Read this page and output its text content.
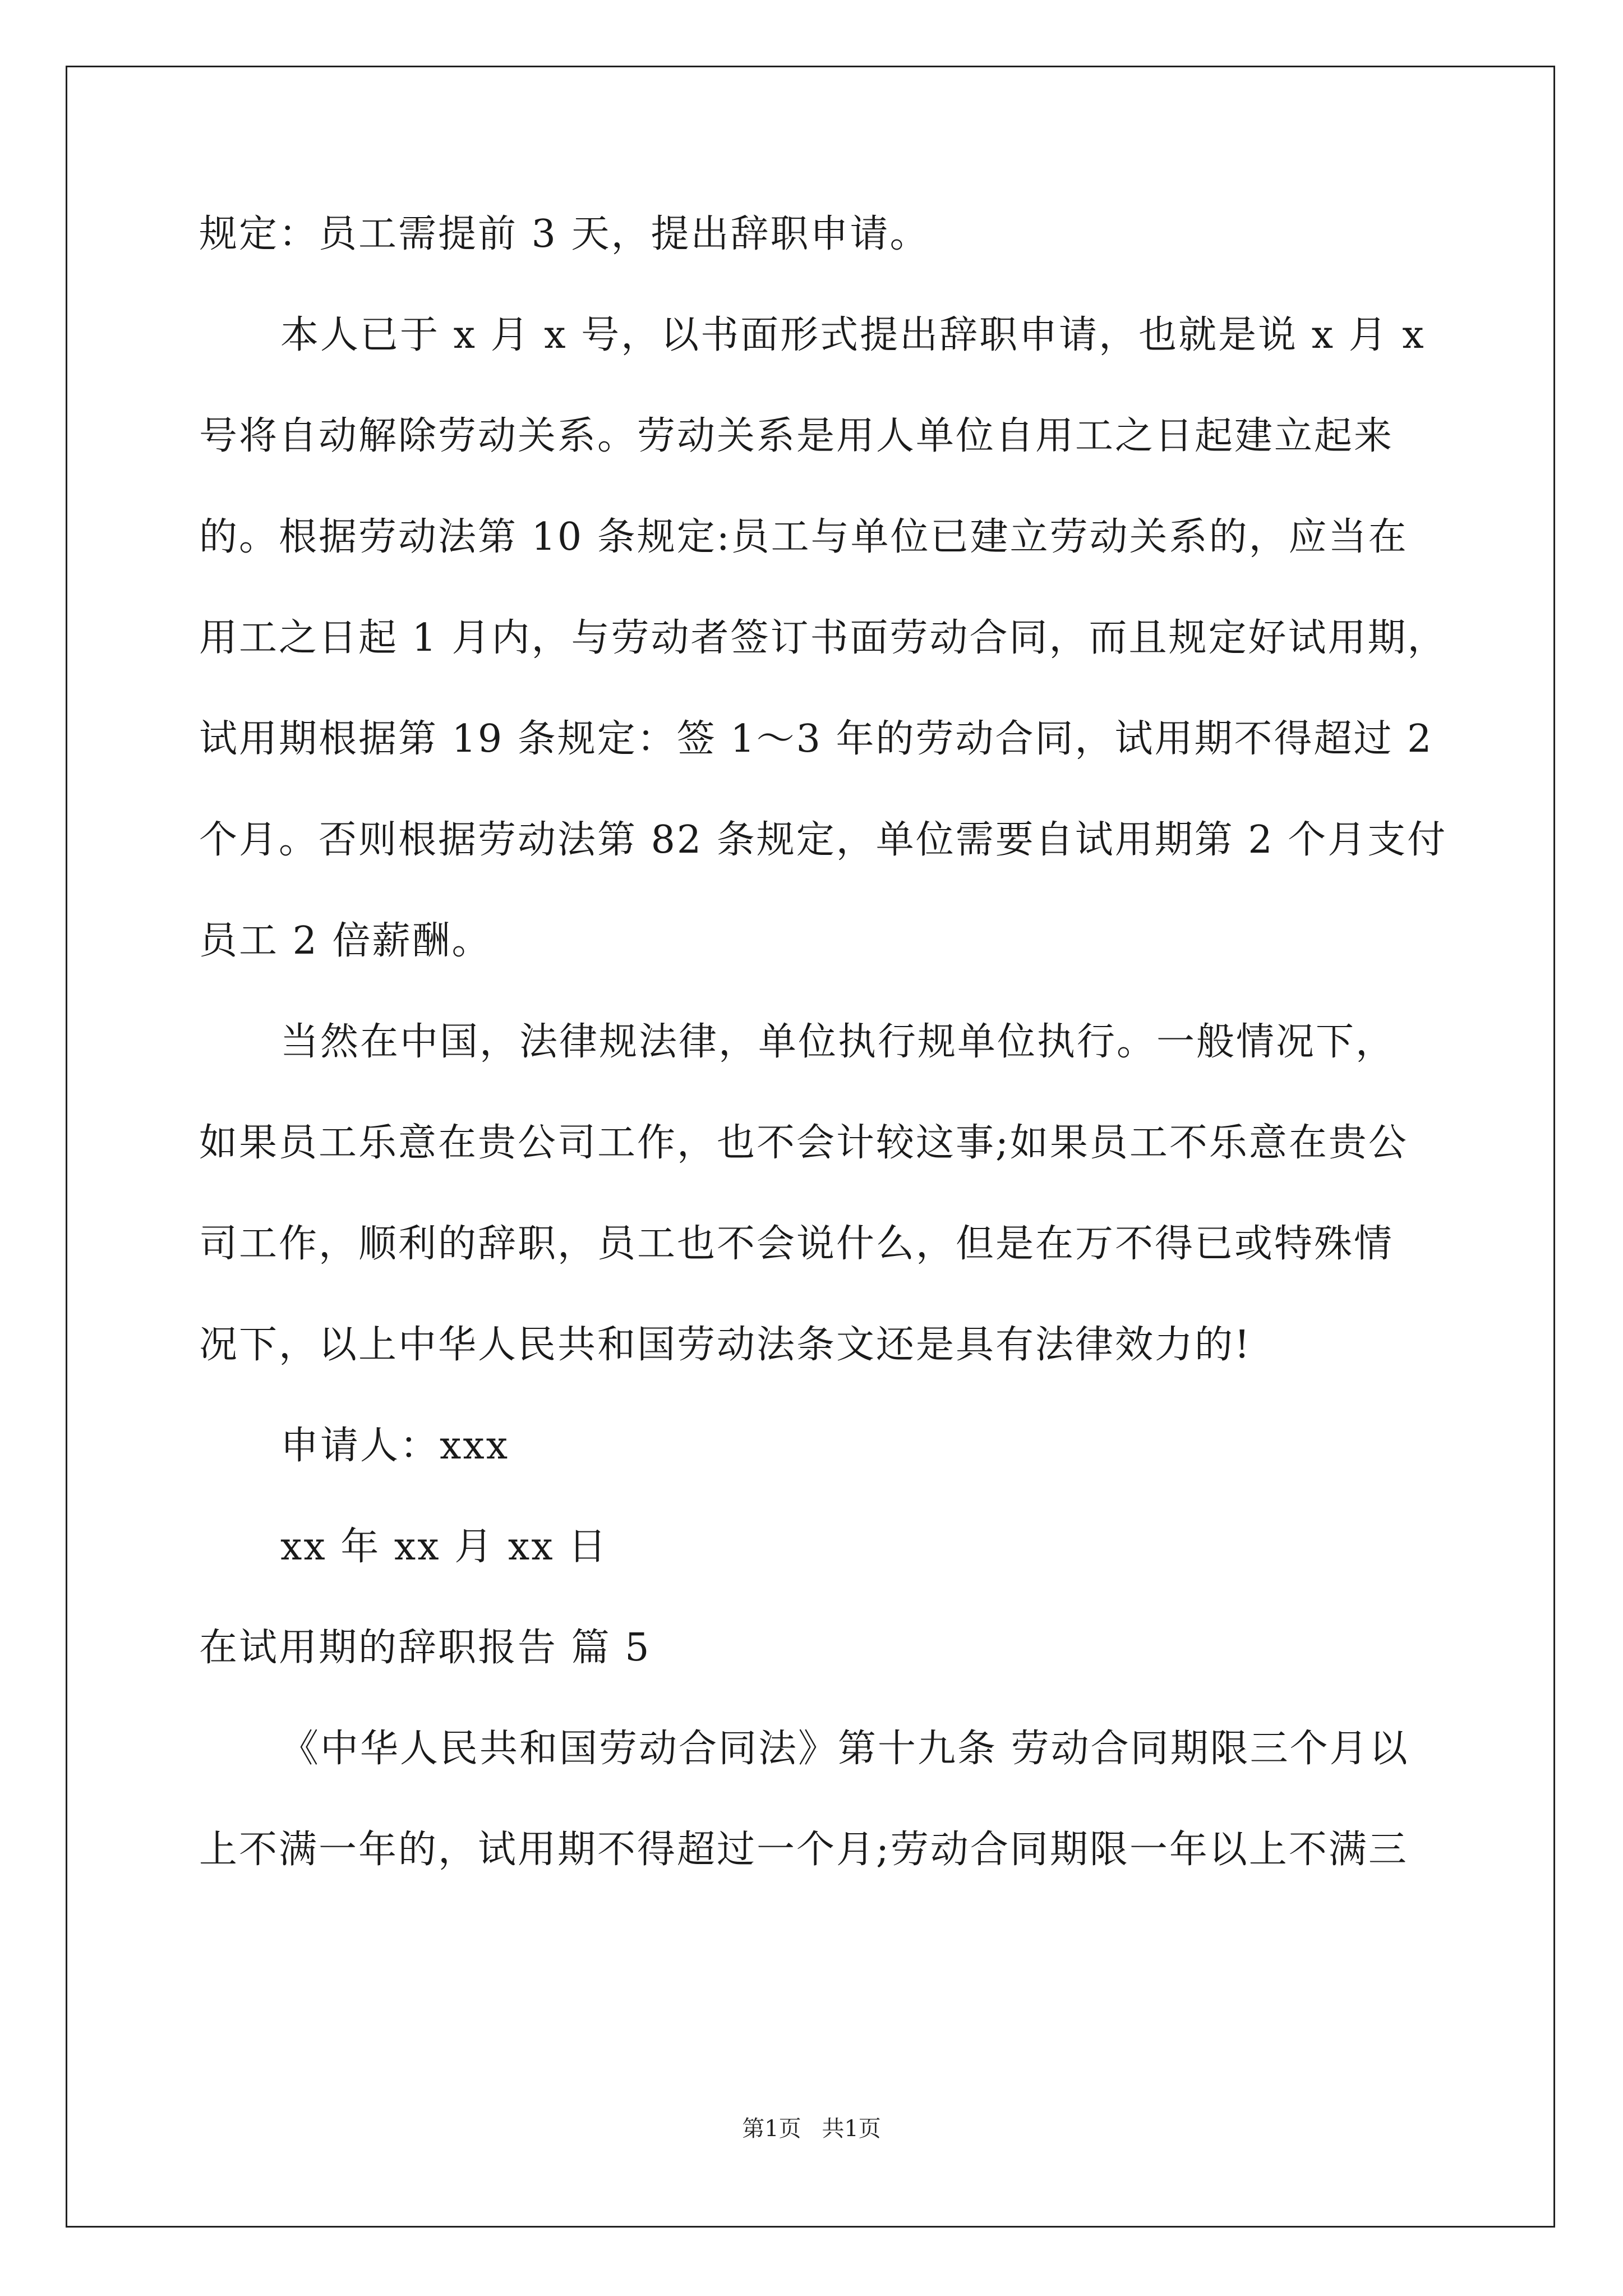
规定：员工需提前 3 天，提出辞职申请。
本人已于 x 月 x 号，以书面形式提出辞职申请，也就是说 x 月 x
号将自动解除劳动关系。劳动关系是用人单位自用工之日起建立起来
的。根据劳动法第 10 条规定:员工与单位已建立劳动关系的，应当在
用工之日起 1 月内，与劳动者签订书面劳动合同，而且规定好试用期，
试用期根据第 19 条规定：签 1～3 年的劳动合同，试用期不得超过 2
个月。否则根据劳动法第 82 条规定，单位需要自试用期第 2 个月支付
员工 2 倍薪酬。
当然在中国，法律规法律，单位执行规单位执行。一般情况下，
如果员工乐意在贵公司工作，也不会计较这事;如果员工不乐意在贵公
司工作，顺利的辞职，员工也不会说什么，但是在万不得已或特殊情
况下，以上中华人民共和国劳动法条文还是具有法律效力的!
申请人：xxx
xx 年 xx 月 xx 日
在试用期的辞职报告 篇 5
《中华人民共和国劳动合同法》第十九条 劳动合同期限三个月以
上不满一年的，试用期不得超过一个月;劳动合同期限一年以上不满三
第1页 共1页
